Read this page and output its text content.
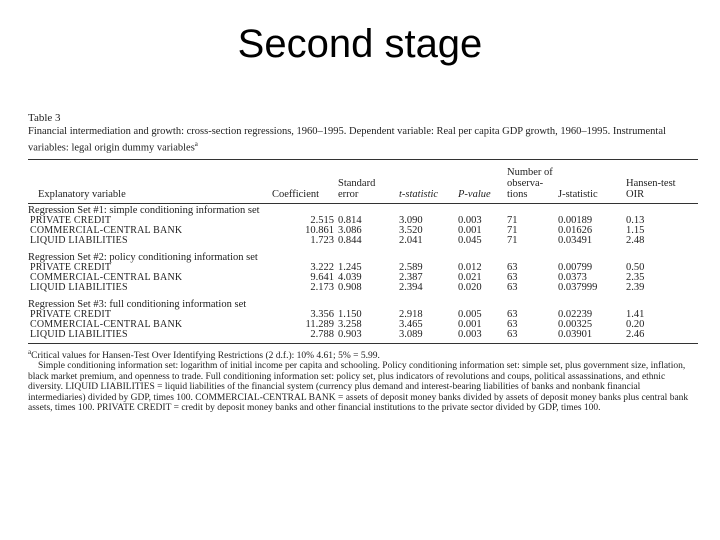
Second stage
Table 3
Financial intermediation and growth: cross-section regressions, 1960–1995. Dependent variable: Real per capita GDP growth, 1960–1995. Instrumental variables: legal origin dummy variables$^a$
Explanatory variable	Coefficient	Standard error	t-statistic	P-value	Number of observa- tions	J-statistic	Hansen-test OIR

Regression Set #1: simple conditioning information set							
PRIVATE CREDIT	2.515	0.814	3.090	0.003	71	0.00189	0.13
COMMERCIAL-CENTRAL BANK	10.861	3.086	3.520	0.001	71	0.01626	1.15
LIQUID LIABILITIES	1.723	0.844	2.041	0.045	71	0.03491	2.48

Regression Set #2: policy conditioning information set							
PRIVATE CREDIT	3.222	1.245	2.589	0.012	63	0.00799	0.50
COMMERCIAL-CENTRAL BANK	9.641	4.039	2.387	0.021	63	0.0373	2.35
LIQUID LIABILITIES	2.173	0.908	2.394	0.020	63	0.037999	2.39

Regression Set #3: full conditioning information set							
PRIVATE CREDIT	3.356	1.150	2.918	0.005	63	0.02239	1.41
COMMERCIAL-CENTRAL BANK	11.289	3.258	3.465	0.001	63	0.00325	0.20
LIQUID LIABILITIES	2.788	0.903	3.089	0.003	63	0.03901	2.46

$^a$Critical values for Hansen-Test Over Identifying Restrictions (2 d.f.): 10% 4.61; 5% = 5.99.

Simple conditioning information set: logarithm of initial income per capita and schooling. Policy conditioning information set: simple set, plus government size, inflation, black market premium, and openness to trade. Full conditioning information set: policy set, plus indicators of revolutions and coups, political assassinations, and ethnic diversity. LIQUID LIABILITIES = liquid liabilities of the financial system (currency plus demand and interest-bearing liabilities of banks and nonbank financial intermediaries) divided by GDP, times 100. COMMERCIAL-CENTRAL BANK = assets of deposit money banks divided by assets of deposit money banks plus central bank assets, times 100. PRIVATE CREDIT = credit by deposit money banks and other financial institutions to the private sector divided by GDP, times 100.
